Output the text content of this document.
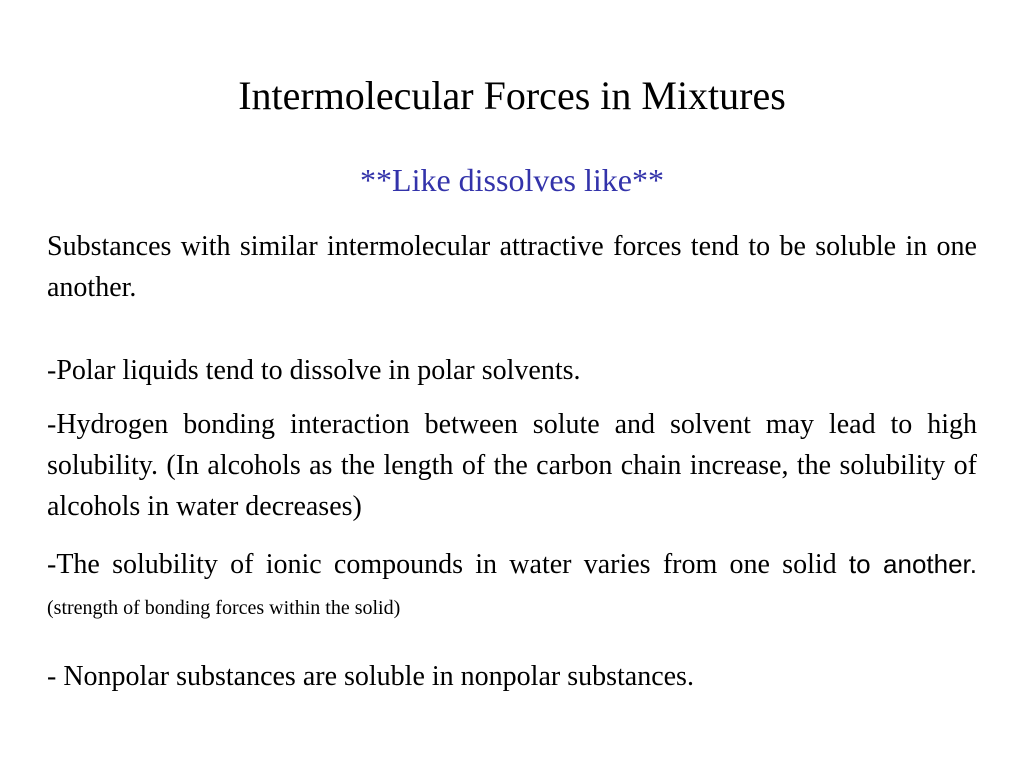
Intermolecular Forces in Mixtures
**Like dissolves like**
Substances with similar intermolecular attractive forces tend to be soluble in one another.
-Polar liquids tend to dissolve in polar solvents.
-Hydrogen bonding interaction between solute and solvent may lead to high solubility. (In alcohols as the length of the carbon chain increase, the solubility of alcohols in water decreases)
-The solubility of ionic compounds in water varies from one solid to another. (strength of bonding forces within the solid)
- Nonpolar substances are soluble in nonpolar substances.
